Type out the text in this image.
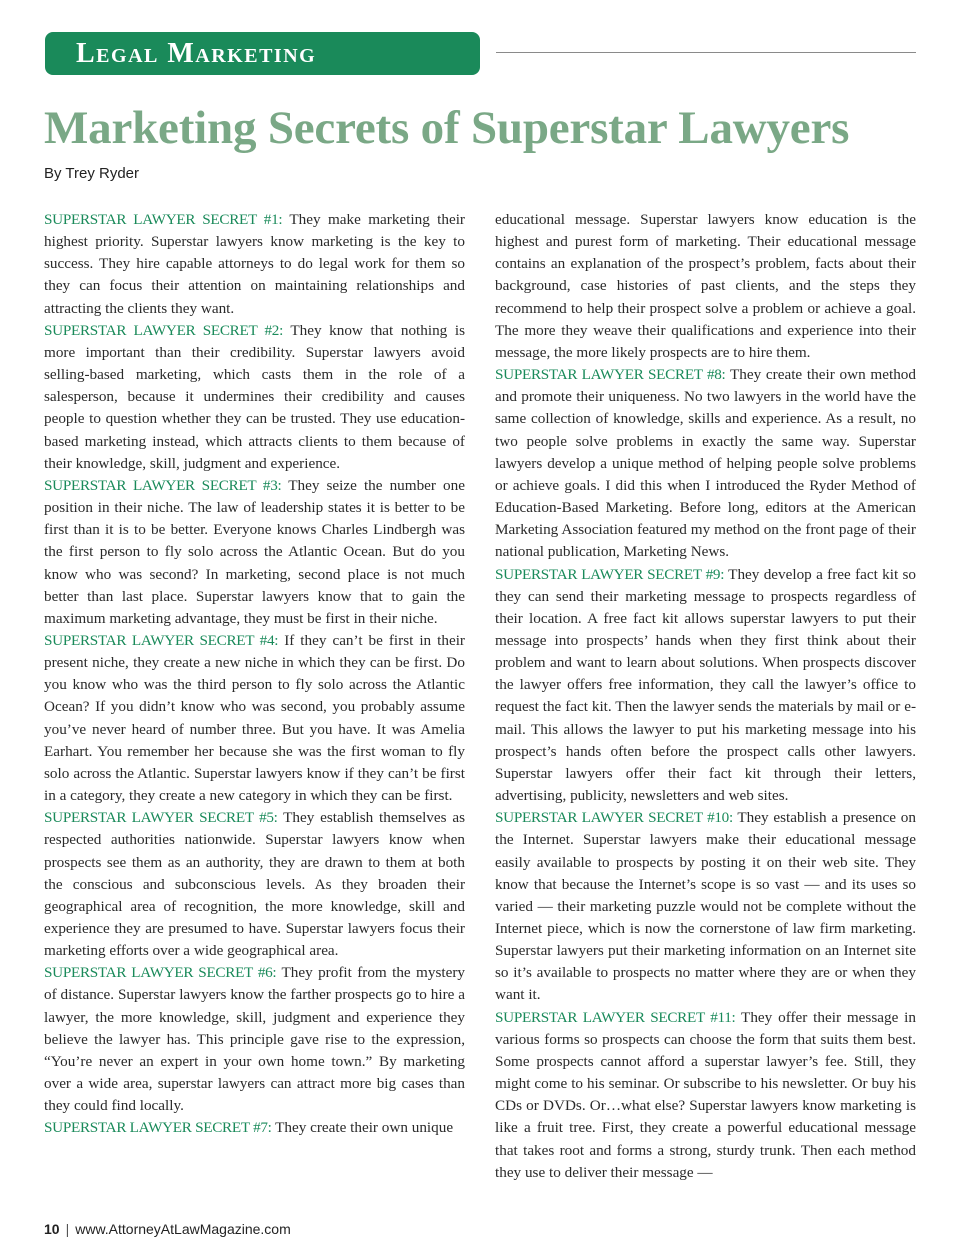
Legal Marketing
Marketing Secrets of Superstar Lawyers
By Trey Ryder

SUPERSTAR LAWYER SECRET #1: They make marketing their highest priority. Superstar lawyers know marketing is the key to success. They hire capable attorneys to do legal work for them so they can focus their attention on maintaining relationships and attracting the clients they want.

SUPERSTAR LAWYER SECRET #2: They know that nothing is more important than their credibility. Superstar lawyers avoid selling-based marketing, which casts them in the role of a salesperson, because it undermines their credibility and causes people to question whether they can be trusted. They use education-based marketing instead, which attracts clients to them because of their knowledge, skill, judgment and experience.

SUPERSTAR LAWYER SECRET #3: They seize the number one position in their niche. The law of leadership states it is better to be first than it is to be better. Everyone knows Charles Lindbergh was the first person to fly solo across the Atlantic Ocean. But do you know who was second? In marketing, second place is not much better than last place. Superstar lawyers know that to gain the maximum marketing advantage, they must be first in their niche.

SUPERSTAR LAWYER SECRET #4: If they can’t be first in their present niche, they create a new niche in which they can be first. Do you know who was the third person to fly solo across the Atlantic Ocean? If you didn’t know who was second, you probably assume you’ve never heard of number three. But you have. It was Amelia Earhart. You remember her because she was the first woman to fly solo across the Atlantic. Superstar lawyers know if they can’t be first in a category, they create a new category in which they can be first.

SUPERSTAR LAWYER SECRET #5: They establish themselves as respected authorities nationwide. Superstar lawyers know when prospects see them as an authority, they are drawn to them at both the conscious and subconscious levels. As they broaden their geographical area of recognition, the more knowledge, skill and experience they are presumed to have. Superstar lawyers focus their marketing efforts over a wide geographical area.

SUPERSTAR LAWYER SECRET #6: They profit from the mystery of distance. Superstar lawyers know the farther prospects go to hire a lawyer, the more knowledge, skill, judgment and experience they believe the lawyer has. This principle gave rise to the expression, “You’re never an expert in your own home town.” By marketing over a wide area, superstar lawyers can attract more big cases than they could find locally.

SUPERSTAR LAWYER SECRET #7: They create their own unique

educational message. Superstar lawyers know education is the highest and purest form of marketing. Their educational message contains an explanation of the prospect’s problem, facts about their background, case histories of past clients, and the steps they recommend to help their prospect solve a problem or achieve a goal. The more they weave their qualifications and experience into their message, the more likely prospects are to hire them.

SUPERSTAR LAWYER SECRET #8: They create their own method and promote their uniqueness. No two lawyers in the world have the same collection of knowledge, skills and experience. As a result, no two people solve problems in exactly the same way. Superstar lawyers develop a unique method of helping people solve problems or achieve goals. I did this when I introduced the Ryder Method of Education-Based Marketing. Before long, editors at the American Marketing Association featured my method on the front page of their national publication, Marketing News.

SUPERSTAR LAWYER SECRET #9: They develop a free fact kit so they can send their marketing message to prospects regardless of their location. A free fact kit allows superstar lawyers to put their message into prospects’ hands when they first think about their problem and want to learn about solutions. When prospects discover the lawyer offers free information, they call the lawyer’s office to request the fact kit. Then the lawyer sends the materials by mail or e-mail. This allows the lawyer to put his marketing message into his prospect’s hands often before the prospect calls other lawyers. Superstar lawyers offer their fact kit through their letters, advertising, publicity, newsletters and web sites.

SUPERSTAR LAWYER SECRET #10: They establish a presence on the Internet. Superstar lawyers make their educational message easily available to prospects by posting it on their web site. They know that because the Internet’s scope is so vast — and its uses so varied — their marketing puzzle would not be complete without the Internet piece, which is now the cornerstone of law firm marketing. Superstar lawyers put their marketing information on an Internet site so it’s available to prospects no matter where they are or when they want it.

SUPERSTAR LAWYER SECRET #11: They offer their message in various forms so prospects can choose the form that suits them best. Some prospects cannot afford a superstar lawyer’s fee. Still, they might come to his seminar. Or subscribe to his newsletter. Or buy his CDs or DVDs. Or…what else? Superstar lawyers know marketing is like a fruit tree. First, they create a powerful educational message that takes root and forms a strong, sturdy trunk. Then each method they use to deliver their message —

10 | www.AttorneyAtLawMagazine.com
